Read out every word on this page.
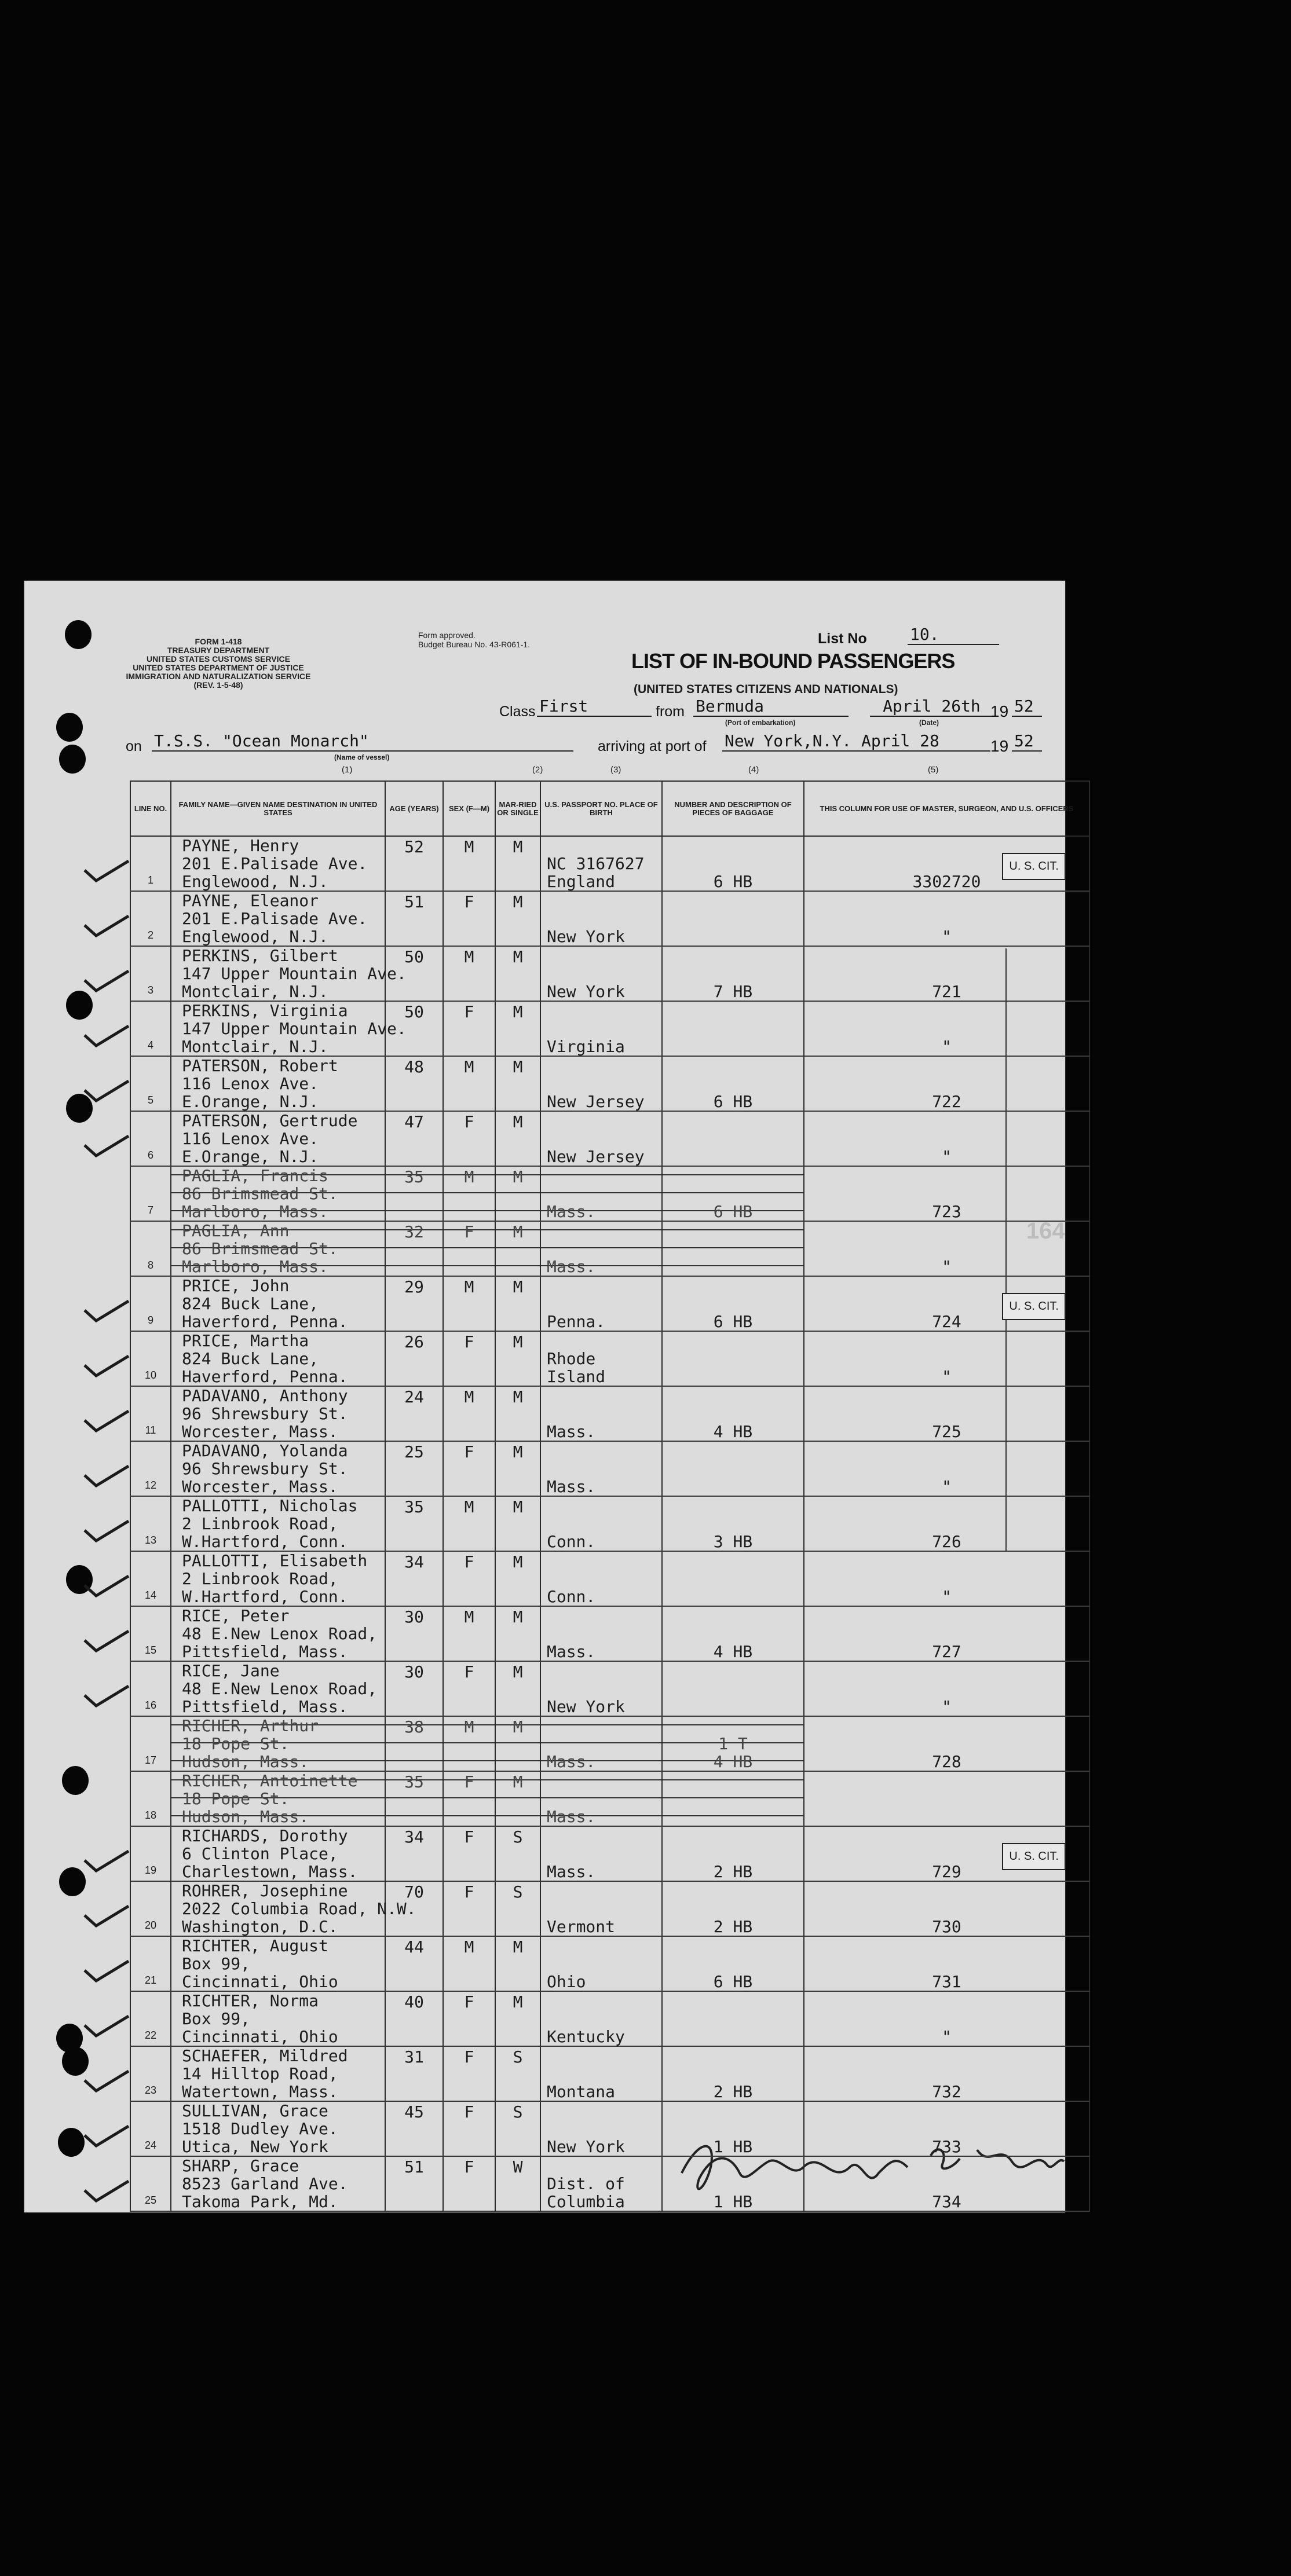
FORM 1-418
TREASURY DEPARTMENT
UNITED STATES CUSTOMS SERVICE
UNITED STATES DEPARTMENT OF JUSTICE
IMMIGRATION AND NATURALIZATION SERVICE
(REV. 1-5-48)
Form approved.
Budget Bureau No. 43-R061-1.	List No	10.
LIST OF IN-BOUND PASSENGERS
(UNITED STATES CITIZENS AND NATIONALS)
Class First	from Bermuda
(Port of embarkation)
April 26th
(Date)
19 52
on T.S.S. "Ocean Monarch"
(Name of vessel)
arriving at port of New York,N.Y. April 28	19 52
(1)	(2)	(3)	(4)	(5)
164
LINE NO.	FAMILY NAME—GIVEN NAME DESTINATION IN UNITED STATES	AGE (YEARS)	SEX (F—M)	MAR-RIED OR SINGLE	U.S. PASSPORT NO. PLACE OF BIRTH	NUMBER AND DESCRIPTION OF PIECES OF BAGGAGE	THIS COLUMN FOR USE OF MASTER, SURGEON, AND U.S. OFFICERS
1	PAYNE, Henry
201 E.Palisade Ave.
Englewood, N.J.	52	M	M	NC 3167627
England	6 HB	3302720
U. S. CIT.

2	PAYNE, Eleanor
201 E.Palisade Ave.
Englewood, N.J.	51	F	M	New York		"
3	PERKINS, Gilbert
147 Upper Mountain Ave.
Montclair, N.J.	50	M	M	New York	7 HB	721
4	PERKINS, Virginia
147 Upper Mountain Ave.
Montclair, N.J.	50	F	M	Virginia		"
5	PATERSON, Robert
116 Lenox Ave.
E.Orange, N.J.	48	M	M	New Jersey	6 HB	722
6	PATERSON, Gertrude
116 Lenox Ave.
E.Orange, N.J.	47	F	M	New Jersey		"
7	PAGLIA, Francis
86 Brimsmead St.
Marlboro, Mass.	35	M	M	Mass.	6 HB	723
8	PAGLIA, Ann
86 Brimsmead St.
Marlboro, Mass.	32	F	M	Mass.		"
9	PRICE, John
824 Buck Lane,
Haverford, Penna.	29	M	M	Penna.	6 HB	724
U. S. CIT.

10	PRICE, Martha
824 Buck Lane,
Haverford, Penna.	26	F	M	Rhode
Island		"
11	PADAVANO, Anthony
96 Shrewsbury St.
Worcester, Mass.	24	M	M	Mass.	4 HB	725
12	PADAVANO, Yolanda
96 Shrewsbury St.
Worcester, Mass.	25	F	M	Mass.		"
13	PALLOTTI, Nicholas
2 Linbrook Road,
W.Hartford, Conn.	35	M	M	Conn.	3 HB	726
14	PALLOTTI, Elisabeth
2 Linbrook Road,
W.Hartford, Conn.	34	F	M	Conn.		"
15	RICE, Peter
48 E.New Lenox Road,
Pittsfield, Mass.	30	M	M	Mass.	4 HB	727
16	RICE, Jane
48 E.New Lenox Road,
Pittsfield, Mass.	30	F	M	New York		"
17	RICHER, Arthur
18 Pope St.
Hudson, Mass.	38	M	M	Mass.	1 T
4 HB	728
18	RICHER, Antoinette
18 Pope St.
Hudson, Mass.	35	F	M	Mass.		
19	RICHARDS, Dorothy
6 Clinton Place,
Charlestown, Mass.	34	F	S	Mass.	2 HB	729
U. S. CIT.

20	ROHRER, Josephine
2022 Columbia Road, N.W.
Washington, D.C.	70	F	S	Vermont	2 HB	730
21	RICHTER, August
Box 99,
Cincinnati, Ohio	44	M	M	Ohio	6 HB	731
22	RICHTER, Norma
Box 99,
Cincinnati, Ohio	40	F	M	Kentucky		"
23	SCHAEFER, Mildred
14 Hilltop Road,
Watertown, Mass.	31	F	S	Montana	2 HB	732
24	SULLIVAN, Grace
1518 Dudley Ave.
Utica, New York	45	F	S	New York	1 HB	733
25	SHARP, Grace
8523 Garland Ave.
Takoma Park, Md.	51	F	W	Dist. of
Columbia	1 HB	734
